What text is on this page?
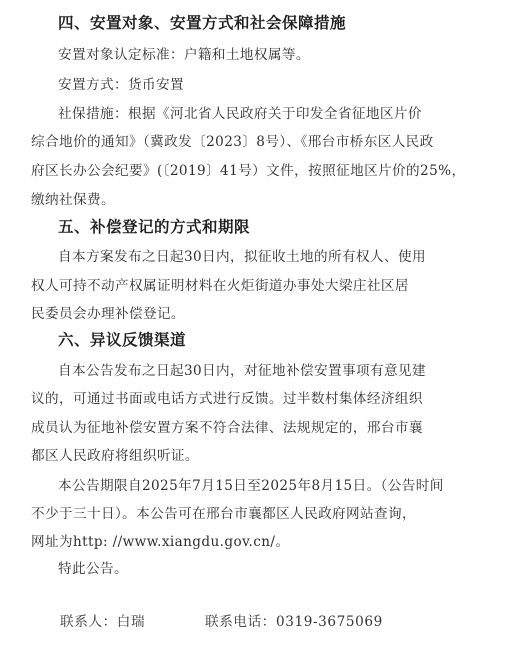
四、安置对象、安置方式和社会保障措施
安置对象认定标准：户籍和土地权属等。
安置方式：货币安置
社保措施：根据《河北省人民政府关于印发全省征地区片价
综合地价的通知》（冀政发〔2023〕8号）、《邢台市桥东区人民政
府区长办公会纪要》(〔2019〕41号）文件，按照征地区片价的25%，
缴纳社保费。
五、补偿登记的方式和期限
自本方案发布之日起30日内，拟征收土地的所有权人、使用
权人可持不动产权属证明材料在火炬街道办事处大梁庄社区居
民委员会办理补偿登记。
六、异议反馈渠道
自本公告发布之日起30日内，对征地补偿安置事项有意见建
议的，可通过书面或电话方式进行反馈。过半数村集体经济组织
成员认为征地补偿安置方案不符合法律、法规规定的，邢台市襄
都区人民政府将组织听证。
本公告期限自2025年7月15日至2025年8月15日。（公告时间
不少于三十日）。本公告可在邢台市襄都区人民政府网站查询，
网址为http: //www.xiangdu.gov.cn/。
特此公告。
联系人：白瑞	联系电话：0319-3675069
